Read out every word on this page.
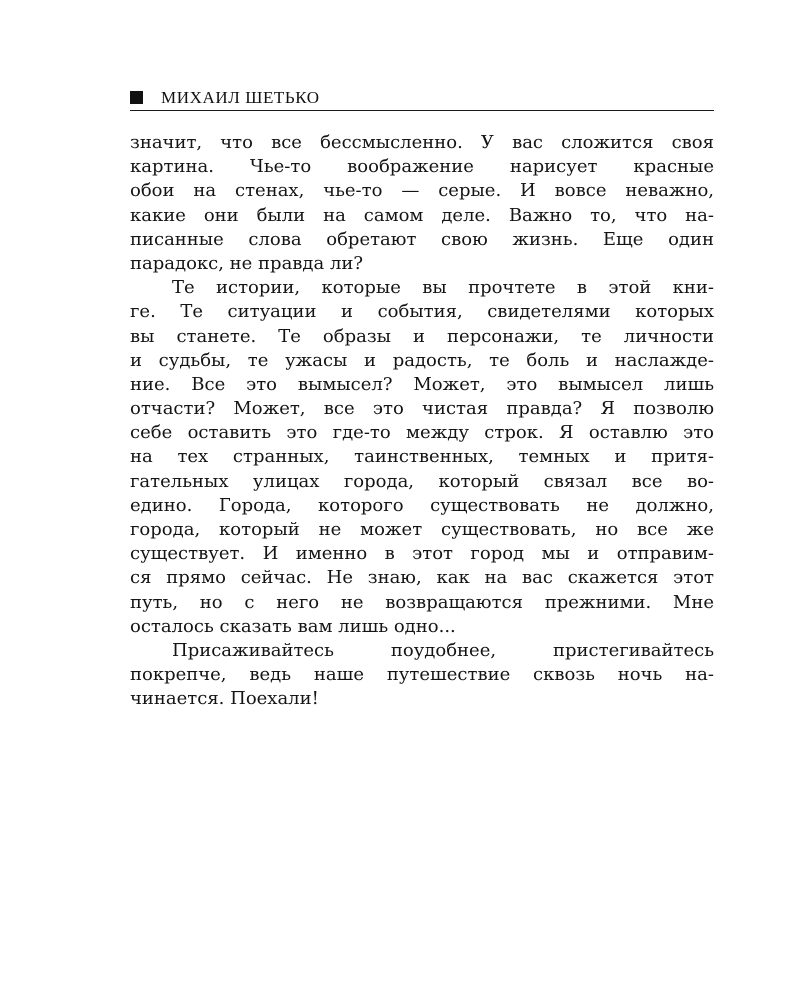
МИХАИЛ ШЕТЬКО
значит, что все бессмысленно. У вас сложится своя
картина. Чье-то воображение нарисует красные
обои на стенах, чье-то — серые. И вовсе неважно,
какие они были на самом деле. Важно то, что на-
писанные слова обретают свою жизнь. Еще один
парадокс, не правда ли?
Те истории, которые вы прочтете в этой кни-
ге. Те ситуации и события, свидетелями которых
вы станете. Те образы и персонажи, те личности
и судьбы, те ужасы и радость, те боль и наслажде-
ние. Все это вымысел? Может, это вымысел лишь
отчасти? Может, все это чистая правда? Я позволю
себе оставить это где-то между строк. Я оставлю это
на тех странных, таинственных, темных и притя-
гательных улицах города, который связал все во-
едино. Города, которого существовать не должно,
города, который не может существовать, но все же
существует. И именно в этот город мы и отправим-
ся прямо сейчас. Не знаю, как на вас скажется этот
путь, но с него не возвращаются прежними. Мне
осталось сказать вам лишь одно...
Присаживайтесь поудобнее, пристегивайтесь
покрепче, ведь наше путешествие сквозь ночь на-
чинается. Поехали!
